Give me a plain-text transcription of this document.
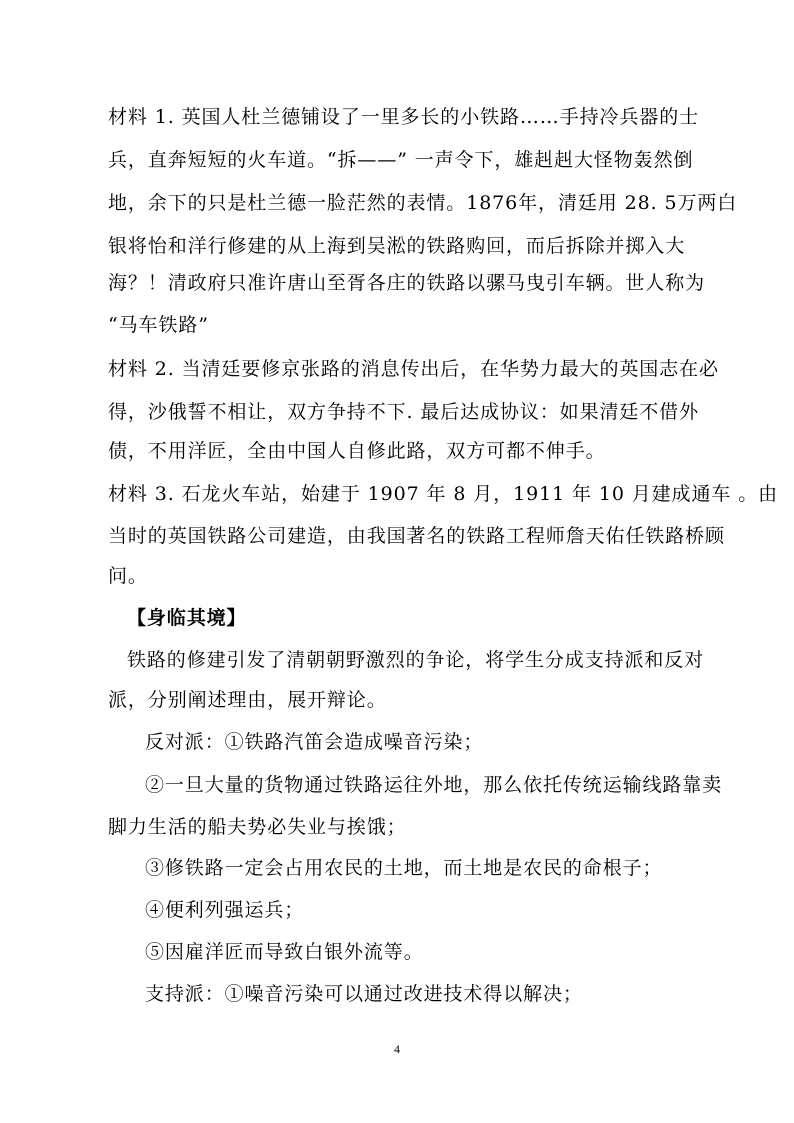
材料 1. 英国人杜兰德铺设了一里多长的小铁路……手持冷兵器的士
兵，直奔短短的火车道。“拆——” 一声令下，雄赳赳大怪物轰然倒
地，余下的只是杜兰德一脸茫然的表情。1876年，清廷用 28. 5万两白
银将怡和洋行修建的从上海到吴淞的铁路购回，而后拆除并掷入大
海？！清政府只准许唐山至胥各庄的铁路以骡马曳引车辆。世人称为
“马车铁路”
材料 2. 当清廷要修京张路的消息传出后，在华势力最大的英国志在必
得，沙俄誓不相让，双方争持不下. 最后达成协议：如果清廷不借外
债，不用洋匠，全由中国人自修此路，双方可都不伸手。
材料 3. 石龙火车站，始建于 1907 年 8 月，1911 年 10 月建成通车 。由
当时的英国铁路公司建造，由我国著名的铁路工程师詹天佑任铁路桥顾
问。
【身临其境】
铁路的修建引发了清朝朝野激烈的争论，将学生分成支持派和反对
派，分别阐述理由，展开辩论。
反对派：①铁路汽笛会造成噪音污染；
②一旦大量的货物通过铁路运往外地，那么依托传统运输线路靠卖
脚力生活的船夫势必失业与挨饿；
③修铁路一定会占用农民的土地，而土地是农民的命根子；
④便利列强运兵；
⑤因雇洋匠而导致白银外流等。
支持派：①噪音污染可以通过改进技术得以解决；
4
